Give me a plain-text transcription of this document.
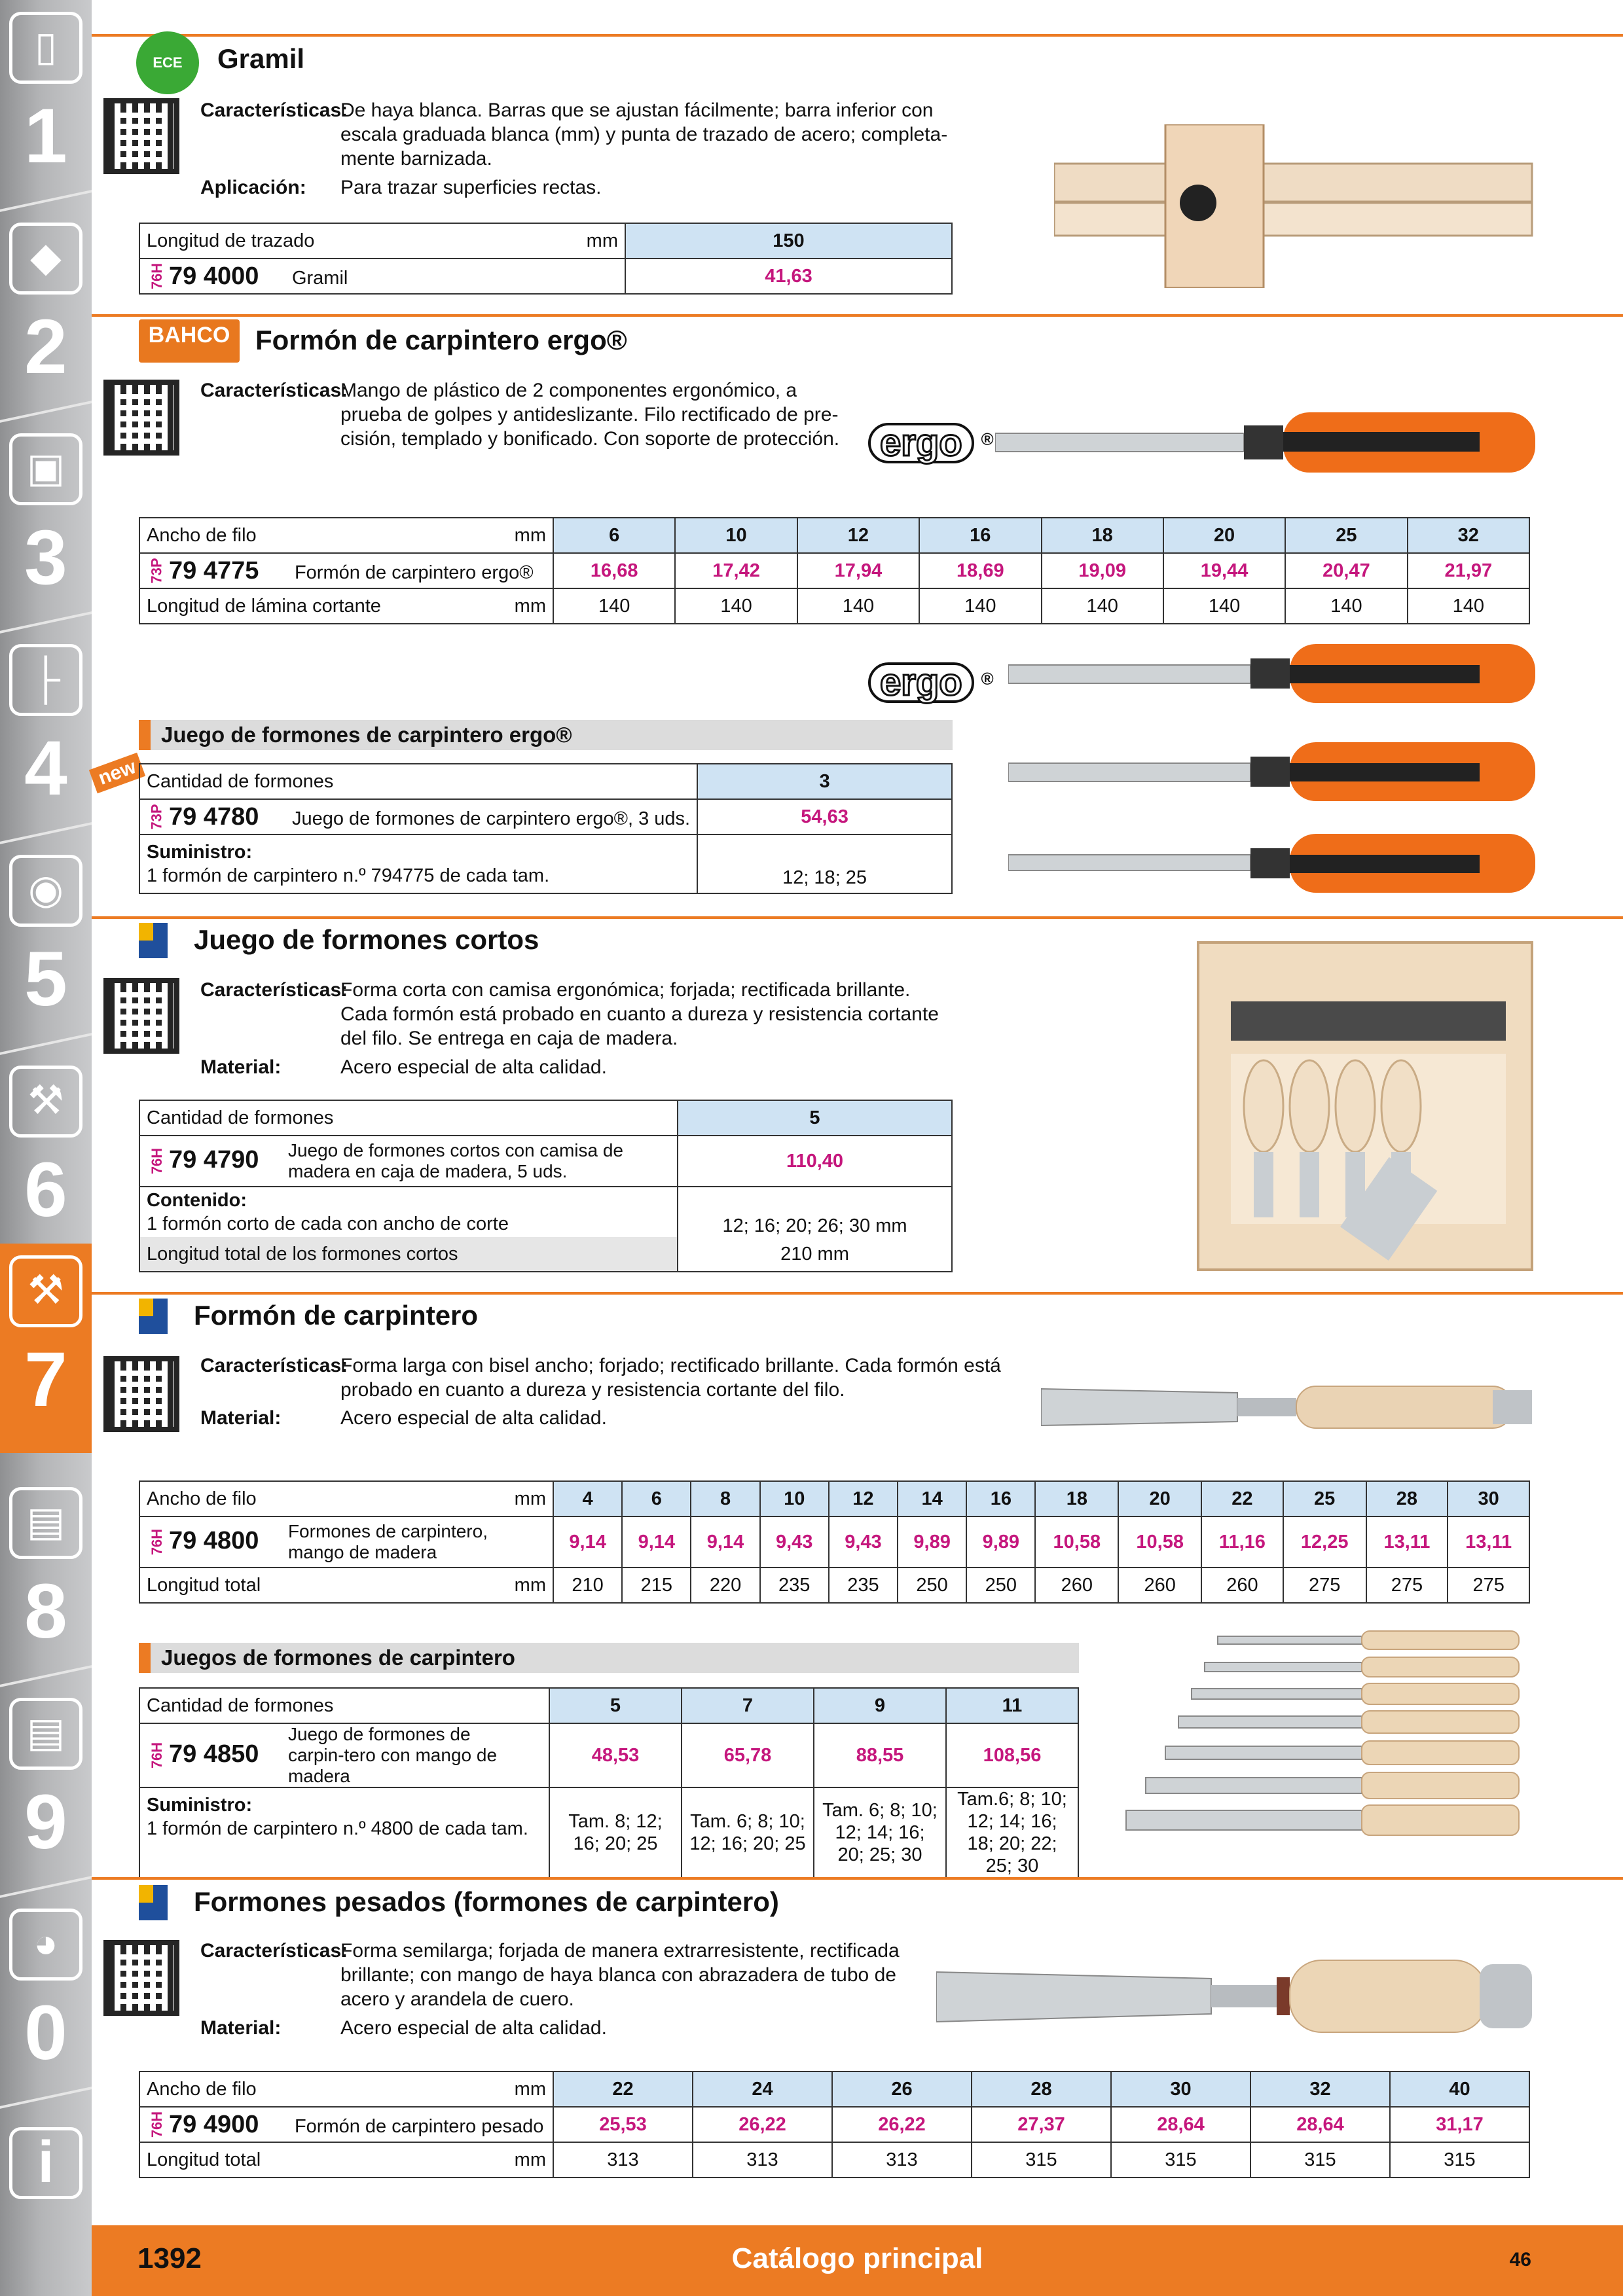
▯
1
◆
2
▣
3
├
4
◉
5
⚒
6
⚒
7
▤
8
▤
9
◕
0
i
ECE	Gramil
Características:
De haya blanca. Barras que se ajustan fácilmente; barra inferior con escala graduada blanca (mm) y punta de trazado de acero; completa-mente barnizada.
Aplicación: Para trazar superficies rectas.
Longitud de trazado	mm	150

76H 79 4000 Gramil		41,63
BAHCO Formón de carpintero ergo®
Características:
Mango de plástico de 2 componentes ergonómico, a prueba de golpes y antideslizante. Filo rectificado de pre-cisión, templado y bonificado. Con soporte de protección.	ergo ®
Ancho de filo	mm	6	10	12	16	18	20	25	32

73P 79 4775 Formón de carpintero ergo®		16,68	17,42	17,94	18,69	19,09	19,44	20,47	21,97
Longitud de lámina cortante	mm	140	140	140	140	140	140	140	140
ergo ®
Juego de formones de carpintero ergo®
new Cantidad de formones	3

73P 79 4780 Juego de formones de carpintero ergo®, 3 uds.	54,63
Suministro:
1 formón de carpintero n.º 794775 de cada tam.	12; 18; 25
Juego de formones cortos
Características:
Forma corta con camisa ergonómica; forjada; rectificada brillante. Cada formón está probado en cuanto a dureza y resistencia cortante del filo. Se entrega en caja de madera.
Material:	Acero especial de alta calidad.
Cantidad de formones	5

76H 79 4790 Juego de formones cortos con camisa de madera en caja de madera, 5 uds.	110,40
Contenido:
1 formón corto de cada con ancho de corte	12; 16; 20; 26; 30 mm
Longitud total de los formones cortos	210 mm
Formón de carpintero
Características:
Forma larga con bisel ancho; forjado; rectificado brillante. Cada formón está probado en cuanto a dureza y resistencia cortante del filo.
Material:	Acero especial de alta calidad.
Ancho de filo	mm	4	6	8	10	12	14	16	18	20	22	25	28	30

76H 79 4800 Formones de carpintero, mango de madera		9,14	9,14	9,14	9,43	9,43	9,89	9,89	10,58	10,58	11,16	12,25	13,11	13,11
Longitud total	mm	210	215	220	235	235	250	250	260	260	260	275	275	275
Juegos de formones de carpintero
Cantidad de formones	5	7	9	11

76H 79 4850 Juego de formones de carpin-tero con mango de madera	48,53	65,78	88,55	108,56
Suministro:
1 formón de carpintero n.º 4800 de cada tam.	Tam. 8; 12; 16; 20; 25	Tam. 6; 8; 10; 12; 16; 20; 25	Tam. 6; 8; 10; 12; 14; 16; 20; 25; 30	Tam.6; 8; 10; 12; 14; 16; 18; 20; 22; 25; 30
Formones pesados (formones de carpintero)
Características:
Forma semilarga; forjada de manera extrarresistente, rectificada brillante; con mango de haya blanca con abrazadera de tubo de acero y arandela de cuero.
Material:	Acero especial de alta calidad.
Ancho de filo	mm	22	24	26	28	30	32	40

76H 79 4900 Formón de carpintero pesado		25,53	26,22	26,22	27,37	28,64	28,64	31,17
Longitud total	mm	313	313	313	315	315	315	315
1392	Catálogo principal	46
